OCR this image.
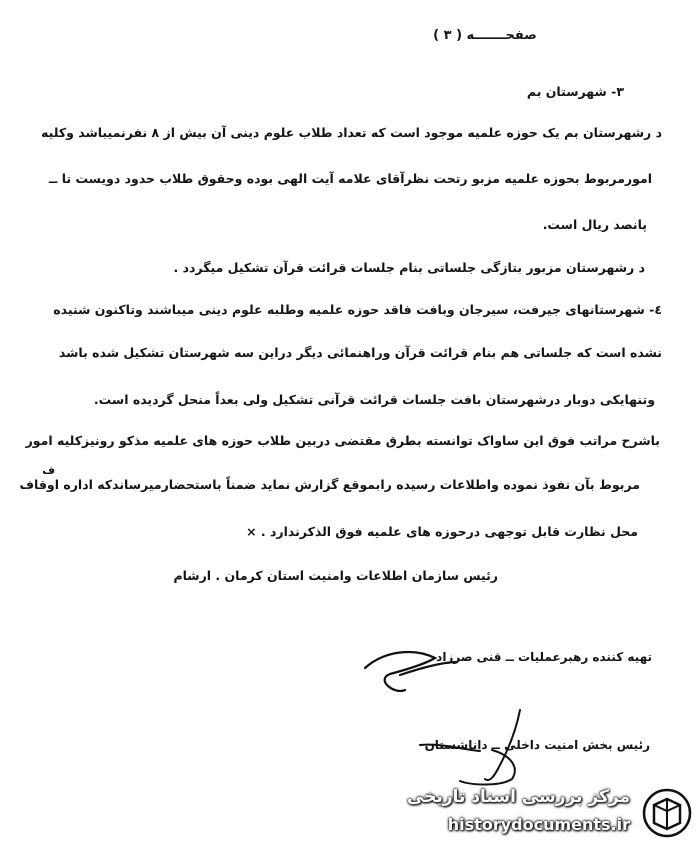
صفحـــــــه ( ۳ )
۳- شهرستان بم
د رشهرستان بم یک حوزه علمیه موجود است که تعداد طلاب علوم دینی آن بیش از ۸ نفرنمیباشد وکلیه
امورمربوط بحوزه علمیه مزبو رتحت نظرآقای علامه آیت الهی بوده وحقوق طلاب حدود دویست تا ــ
پانصد ریال است.
د رشهرستان مزبور بتازگی جلساتی بنام جلسات قرائت قرآن تشکیل میگردد .
٤- شهرستانهای جیرفت، سیرجان وبافت فاقد حوزه علمیه وطلبه علوم دینی میباشند وتاکنون شنیده
نشده است که جلساتی هم بنام قرائت قرآن وراهنمائی دیگر دراین سه شهرستان تشکیل شده باشد
وتنهایکی دوبار درشهرستان بافت جلسات قرائت قرآنی تشکیل ولی بعداً منحل گردیده است.
باشرح مراتب فوق این ساواک توانسته بطرق مقتضی دربین طلاب حوزه های علمیه مذکو رونیزکلیه امور
مربوط بآن نفوذ نموده واطلاعات رسیده رابموقع گزارش نماید ضمناً باستحضارمیرساندکه اداره اوقاف
محل نظارت قابل توجهی درحوزه های علمیه فوق الذکرندارد . ×
ف
رئیس سازمان اطلاعات وامنیت استان کرمان . ارشام
تهیه کننده رهبرعملیات ــ قنی صرزاد
رئیس بخش امنیت داخلی ــ داناشستان
مرکز بررسی اسناد تاریخی
historydocuments.ir
